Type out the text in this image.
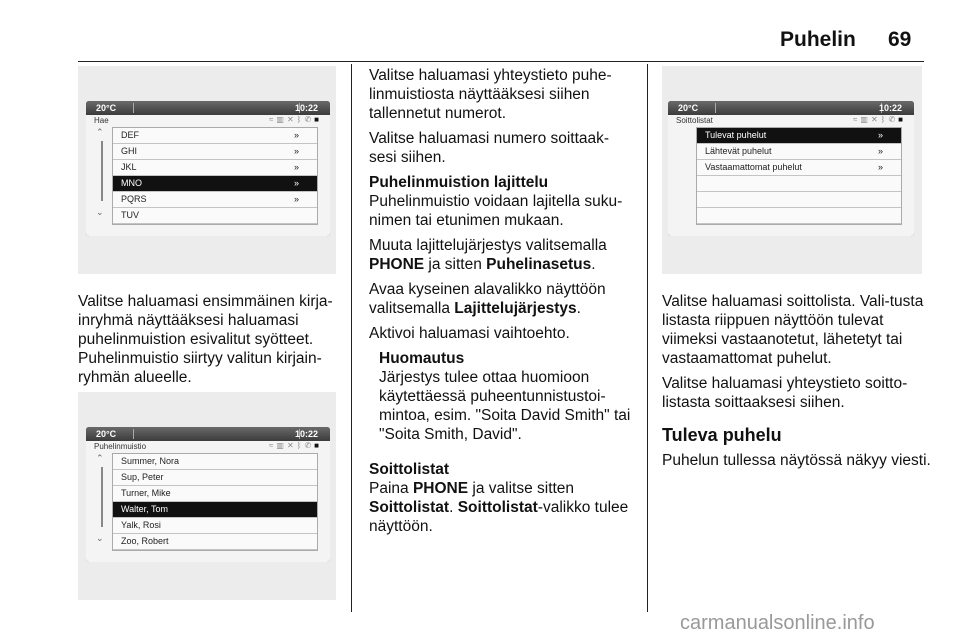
Puhelin 69
20°C	10:22
Hae	≈▥✕ᛒ✆■
⌃
⌄
DEF	»
GHI	»
JKL	»
MNO	»
PQRS	»
TUV
20°C	10:22
Puhelinmuistio	≈▥✕ᛒ✆■
⌃
⌄
Summer, Nora
Sup, Peter
Turner, Mike
Walter, Tom
Yalk, Rosi
Zoo, Robert
20°C	10:22
Soittolistat	≈▥✕ᛒ✆■
Tulevat puhelut	»
Lähtevät puhelut	»
Vastaamattomat puhelut	»

Valitse haluamasi ensimmäinen kirja-inryhmä näyttääksesi haluamasi puhelinmuistion esivalitut syötteet. Puhelinmuistio siirtyy valitun kirjain-ryhmän alueelle.

Valitse haluamasi yhteystieto puhe-linmuistiosta näyttääksesi siihen tallennetut numerot.

Valitse haluamasi numero soittaak-sesi siihen.

Puhelinmuistion lajittelu

Puhelinmuistio voidaan lajitella suku-nimen tai etunimen mukaan.

Muuta lajittelujärjestys valitsemalla PHONE ja sitten Puhelinasetus.

Avaa kyseinen alavalikko näyttöön valitsemalla Lajittelujärjestys.

Aktivoi haluamasi vaihtoehto.

Huomautus

Järjestys tulee ottaa huomioon käytettäessä puheentunnistustoi-mintoa, esim. "Soita David Smith" tai "Soita Smith, David".

Soittolistat

Paina PHONE ja valitse sitten Soittolistat. Soittolistat-valikko tulee näyttöön.

Valitse haluamasi soittolista. Vali-tusta listasta riippuen näyttöön tulevat viimeksi vastaanotetut, lähetetyt tai vastaamattomat puhelut.

Valitse haluamasi yhteystieto soitto-listasta soittaaksesi siihen.

Tuleva puhelu

Puhelun tullessa näytössä näkyy viesti.

carmanualsonline.info
